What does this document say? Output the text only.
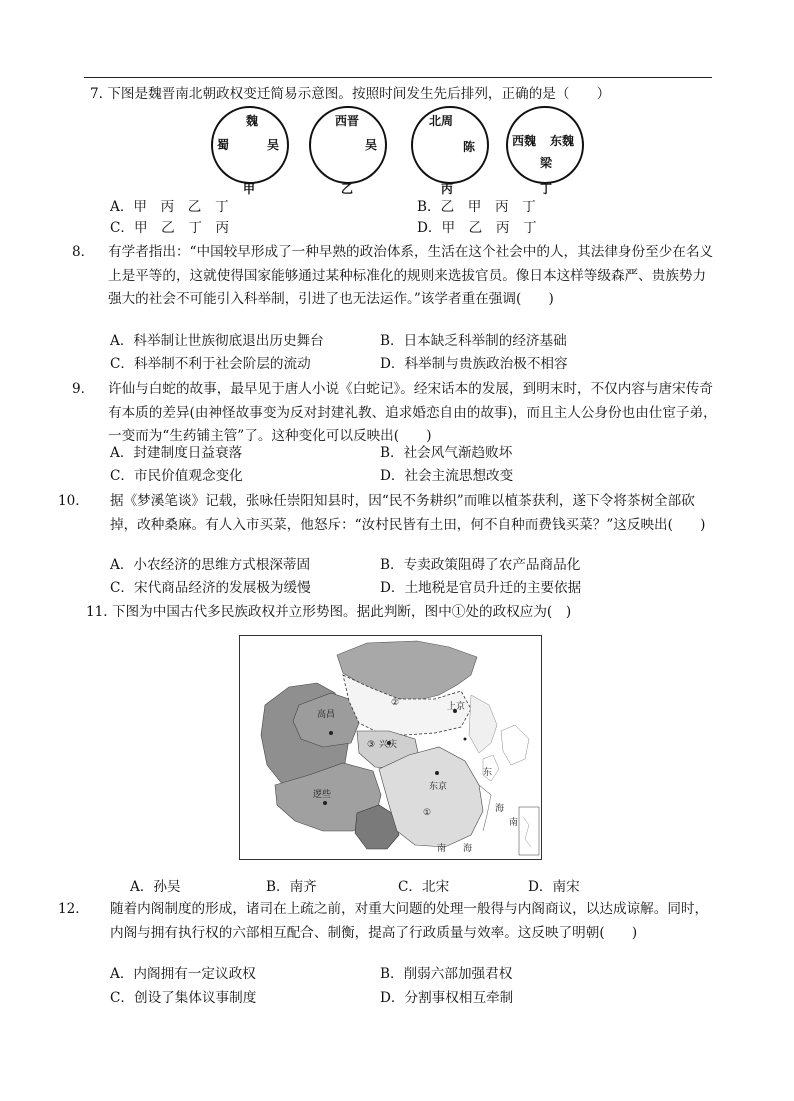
7. 下图是魏晋南北朝政权变迁简易示意图。按照时间发生先后排列，正确的是（　　）
魏
蜀	吴
甲
西晋
吴
乙
北周
陈
丙
西魏 东魏
梁
丁
A．甲　丙　乙　丁	B．乙　甲　丙　丁
C．甲　乙　丁　丙	D．甲　乙　丙　丁
8． 有学者指出：“中国较早形成了一种早熟的政治体系，生活在这个社会中的人，其法律身份至少在名义上是平等的，这就使得国家能够通过某种标准化的规则来选拔官员。像日本这样等级森严、贵族势力强大的社会不可能引入科举制，引进了也无法运作。”该学者重在强调(　　)
A．科举制让世族彻底退出历史舞台	B．日本缺乏科举制的经济基础
C．科举制不利于社会阶层的流动	D．科举制与贵族政治极不相容
9． 许仙与白蛇的故事，最早见于唐人小说《白蛇记》。经宋话本的发展，到明末时，不仅内容与唐宋传奇有本质的差异(由神怪故事变为反对封建礼教、追求婚恋自由的故事)，而且主人公身份也由仕宦子弟，一变而为“生药铺主管”了。这种变化可以反映出(　　)
A．封建制度日益衰落	B．社会风气渐趋败坏
C．市民价值观念变化	D．社会主流思想改变
10． 据《梦溪笔谈》记载，张咏任崇阳知县时，因“民不务耕织”而唯以植茶获利，遂下令将茶树全部砍掉，改种桑麻。有人入市买菜，他怒斥：“汝村民皆有土田，何不自种而费钱买菜？”这反映出(　　)
A．小农经济的思维方式根深蒂固	B．专卖政策阻碍了农产品商品化
C．宋代商品经济的发展极为缓慢	D．土地税是官员升迁的主要依据
11. 下图为中国古代多民族政权并立形势图。据此判断，图中①处的政权应为(　)
高昌
②	上京
③ 兴庆
东京
逻些
①
南
海
东
海
南
A．孙吴	B．南齐	C．北宋	D．南宋
12． 随着内阁制度的形成，诸司在上疏之前，对重大问题的处理一般得与内阁商议，以达成谅解。同时，内阁与拥有执行权的六部相互配合、制衡，提高了行政质量与效率。这反映了明朝(　　)
A．内阁拥有一定议政权	B．削弱六部加强君权
C．创设了集体议事制度	D．分割事权相互牵制
